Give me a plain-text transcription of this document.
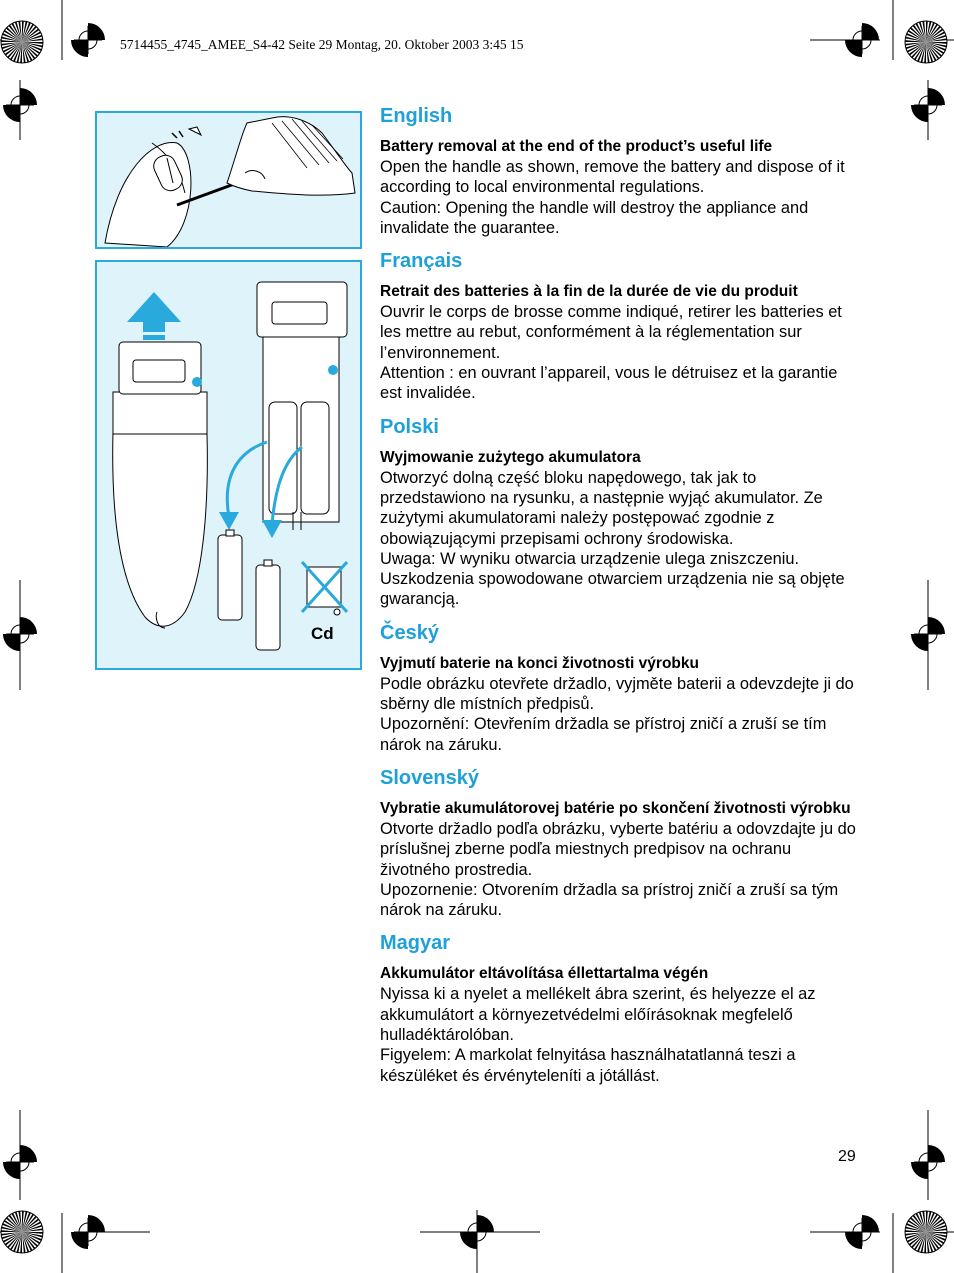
5714455_4745_AMEE_S4-42 Seite 29 Montag, 20. Oktober 2003 3:45 15
Cd
English
Battery removal at the end of the product’s useful life

Open the handle as shown, remove the battery and dispose of it according to local environmental regulations.

Caution: Opening the handle will destroy the appliance and invalidate the guarantee.

Français
Retrait des batteries à la fin de la durée de vie du produit

Ouvrir le corps de brosse comme indiqué, retirer les batteries et les mettre au rebut, conformément à la réglementation sur l’environnement.

Attention : en ouvrant l’appareil, vous le détruisez et la garantie est invalidée.

Polski
Wyjmowanie zużytego akumulatora

Otworzyć dolną część bloku napędowego, tak jak to przedstawiono na rysunku, a następnie wyjąć akumulator. Ze zużytymi akumulatorami należy postępować zgodnie z obowiązującymi przepisami ochrony środowiska.

Uwaga: W wyniku otwarcia urządzenie ulega zniszczeniu. Uszkodzenia spowodowane otwarciem urządzenia nie są objęte gwarancją.

Český
Vyjmutí baterie na konci životnosti výrobku

Podle obrázku otevřete držadlo, vyjměte baterii a odevzdejte ji do sběrny dle místních předpisů.

Upozornění: Otevřením držadla se přístroj zničí a zruší se tím nárok na záruku.

Slovenský
Vybratie akumulátorovej batérie po skončení životnosti výrobku

Otvorte držadlo podľa obrázku, vyberte batériu a odovzdajte ju do príslušnej zberne podľa miestnych predpisov na ochranu životného prostredia.

Upozornenie: Otvorením držadla sa prístroj zničí a zruší sa tým nárok na záruku.

Magyar
Akkumulátor eltávolítása éllettartalma végén

Nyissa ki a nyelet a mellékelt ábra szerint, és helyezze el az akkumulátort a környezetvédelmi előírásoknak megfelelő hulladéktárolóban.

Figyelem: A markolat felnyitása használhatatlanná teszi a készüléket és érvényteleníti a jótállást.

29
